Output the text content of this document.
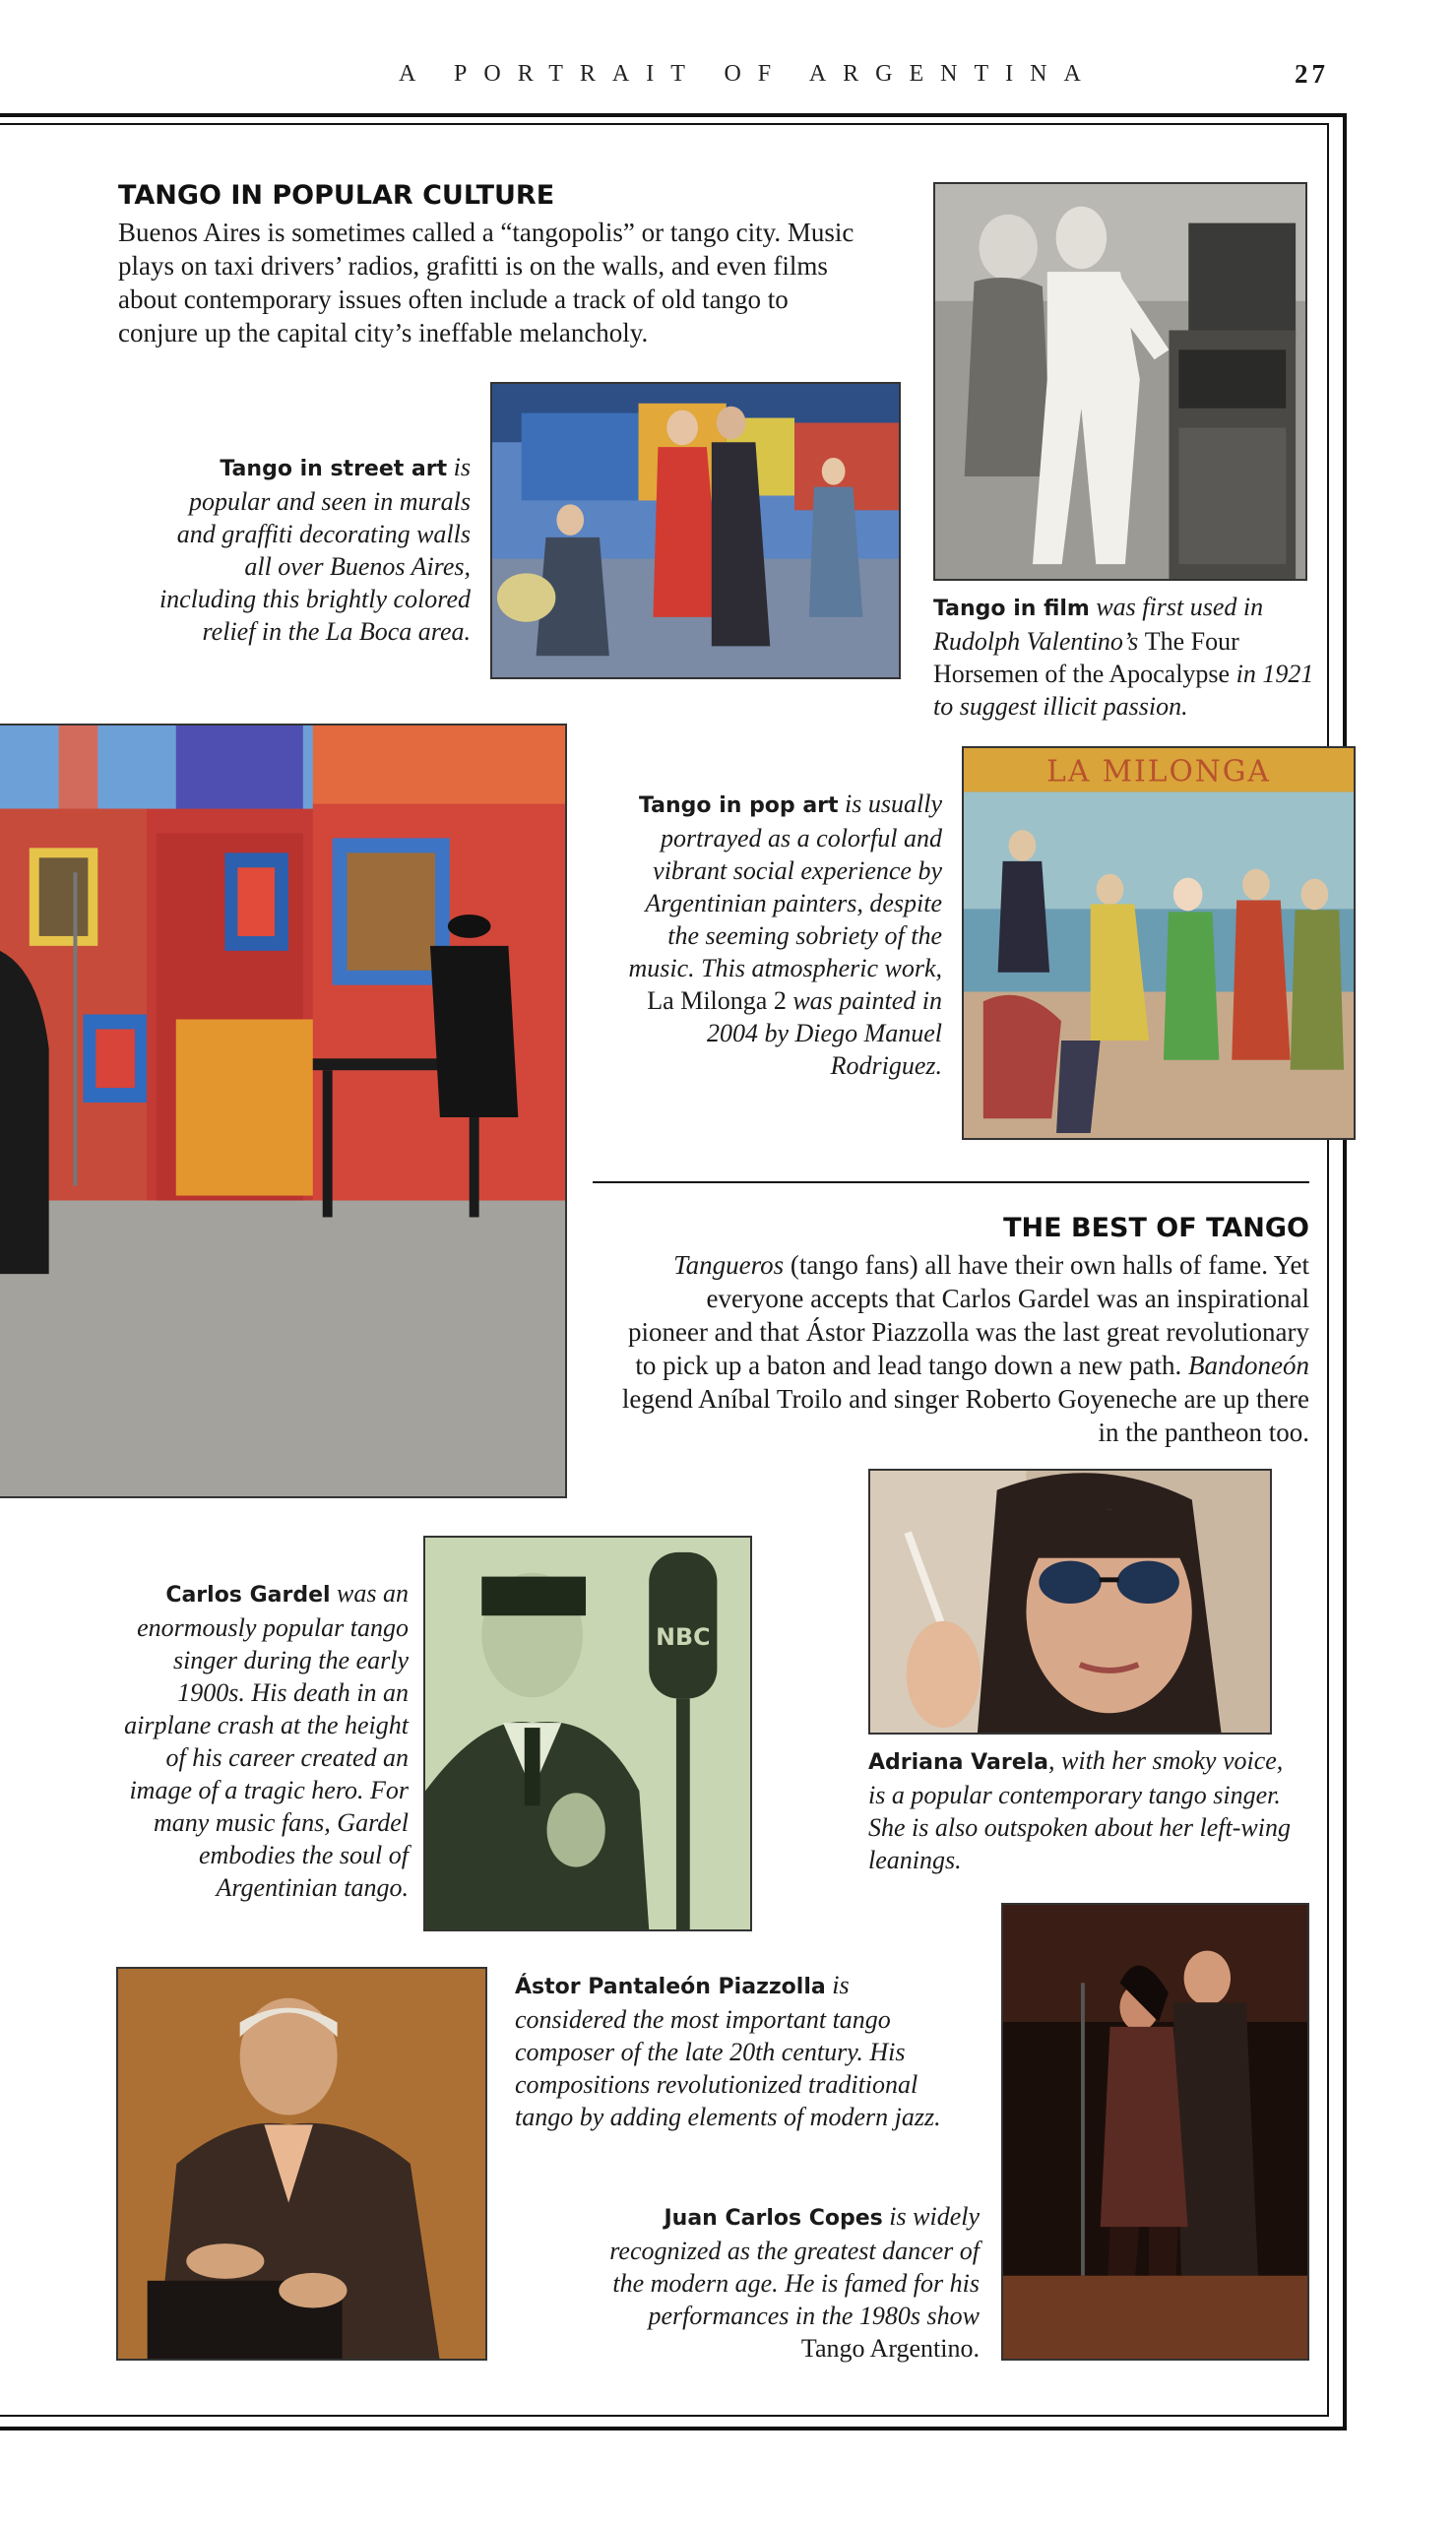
A PORTRAIT OF ARGENTINA	27
TANGO IN POPULAR CULTURE
Buenos Aires is sometimes called a “tangopolis” or tango city. Music plays on taxi drivers’ radios, grafitti is on the walls, and even films about contemporary issues often include a track of old tango to conjure up the capital city’s ineffable melancholy.
Tango in street art is popular and seen in murals and graffiti decorating walls all over Buenos Aires, including this brightly colored relief in the La Boca area.
Tango in film was first used in Rudolph Valentino’s The Four Horsemen of the Apocalypse in 1921 to suggest illicit passion.
LA MILONGA
Tango in pop art is usually portrayed as a colorful and vibrant social experience by Argentinian painters, despite the seeming sobriety of the music. This atmospheric work, La Milonga 2 was painted in 2004 by Diego Manuel Rodriguez.
THE BEST OF TANGO
Tangueros (tango fans) all have their own halls of fame. Yet everyone accepts that Carlos Gardel was an inspirational pioneer and that Ástor Piazzolla was the last great revolutionary to pick up a baton and lead tango down a new path. Bandoneón legend Aníbal Troilo and singer Roberto Goyeneche are up there in the pantheon too.
Adriana Varela, with her smoky voice, is a popular contemporary tango singer. She is also outspoken about her left-wing leanings.
NBC
Carlos Gardel was an enormously popular tango singer during the early 1900s. His death in an airplane crash at the height of his career created an image of a tragic hero. For many music fans, Gardel embodies the soul of Argentinian tango.
Ástor Pantaleón Piazzolla is considered the most important tango composer of the late 20th century. His compositions revolutionized traditional tango by adding elements of modern jazz.
Juan Carlos Copes is widely recognized as the greatest dancer of the modern age. He is famed for his performances in the 1980s show Tango Argentino.
